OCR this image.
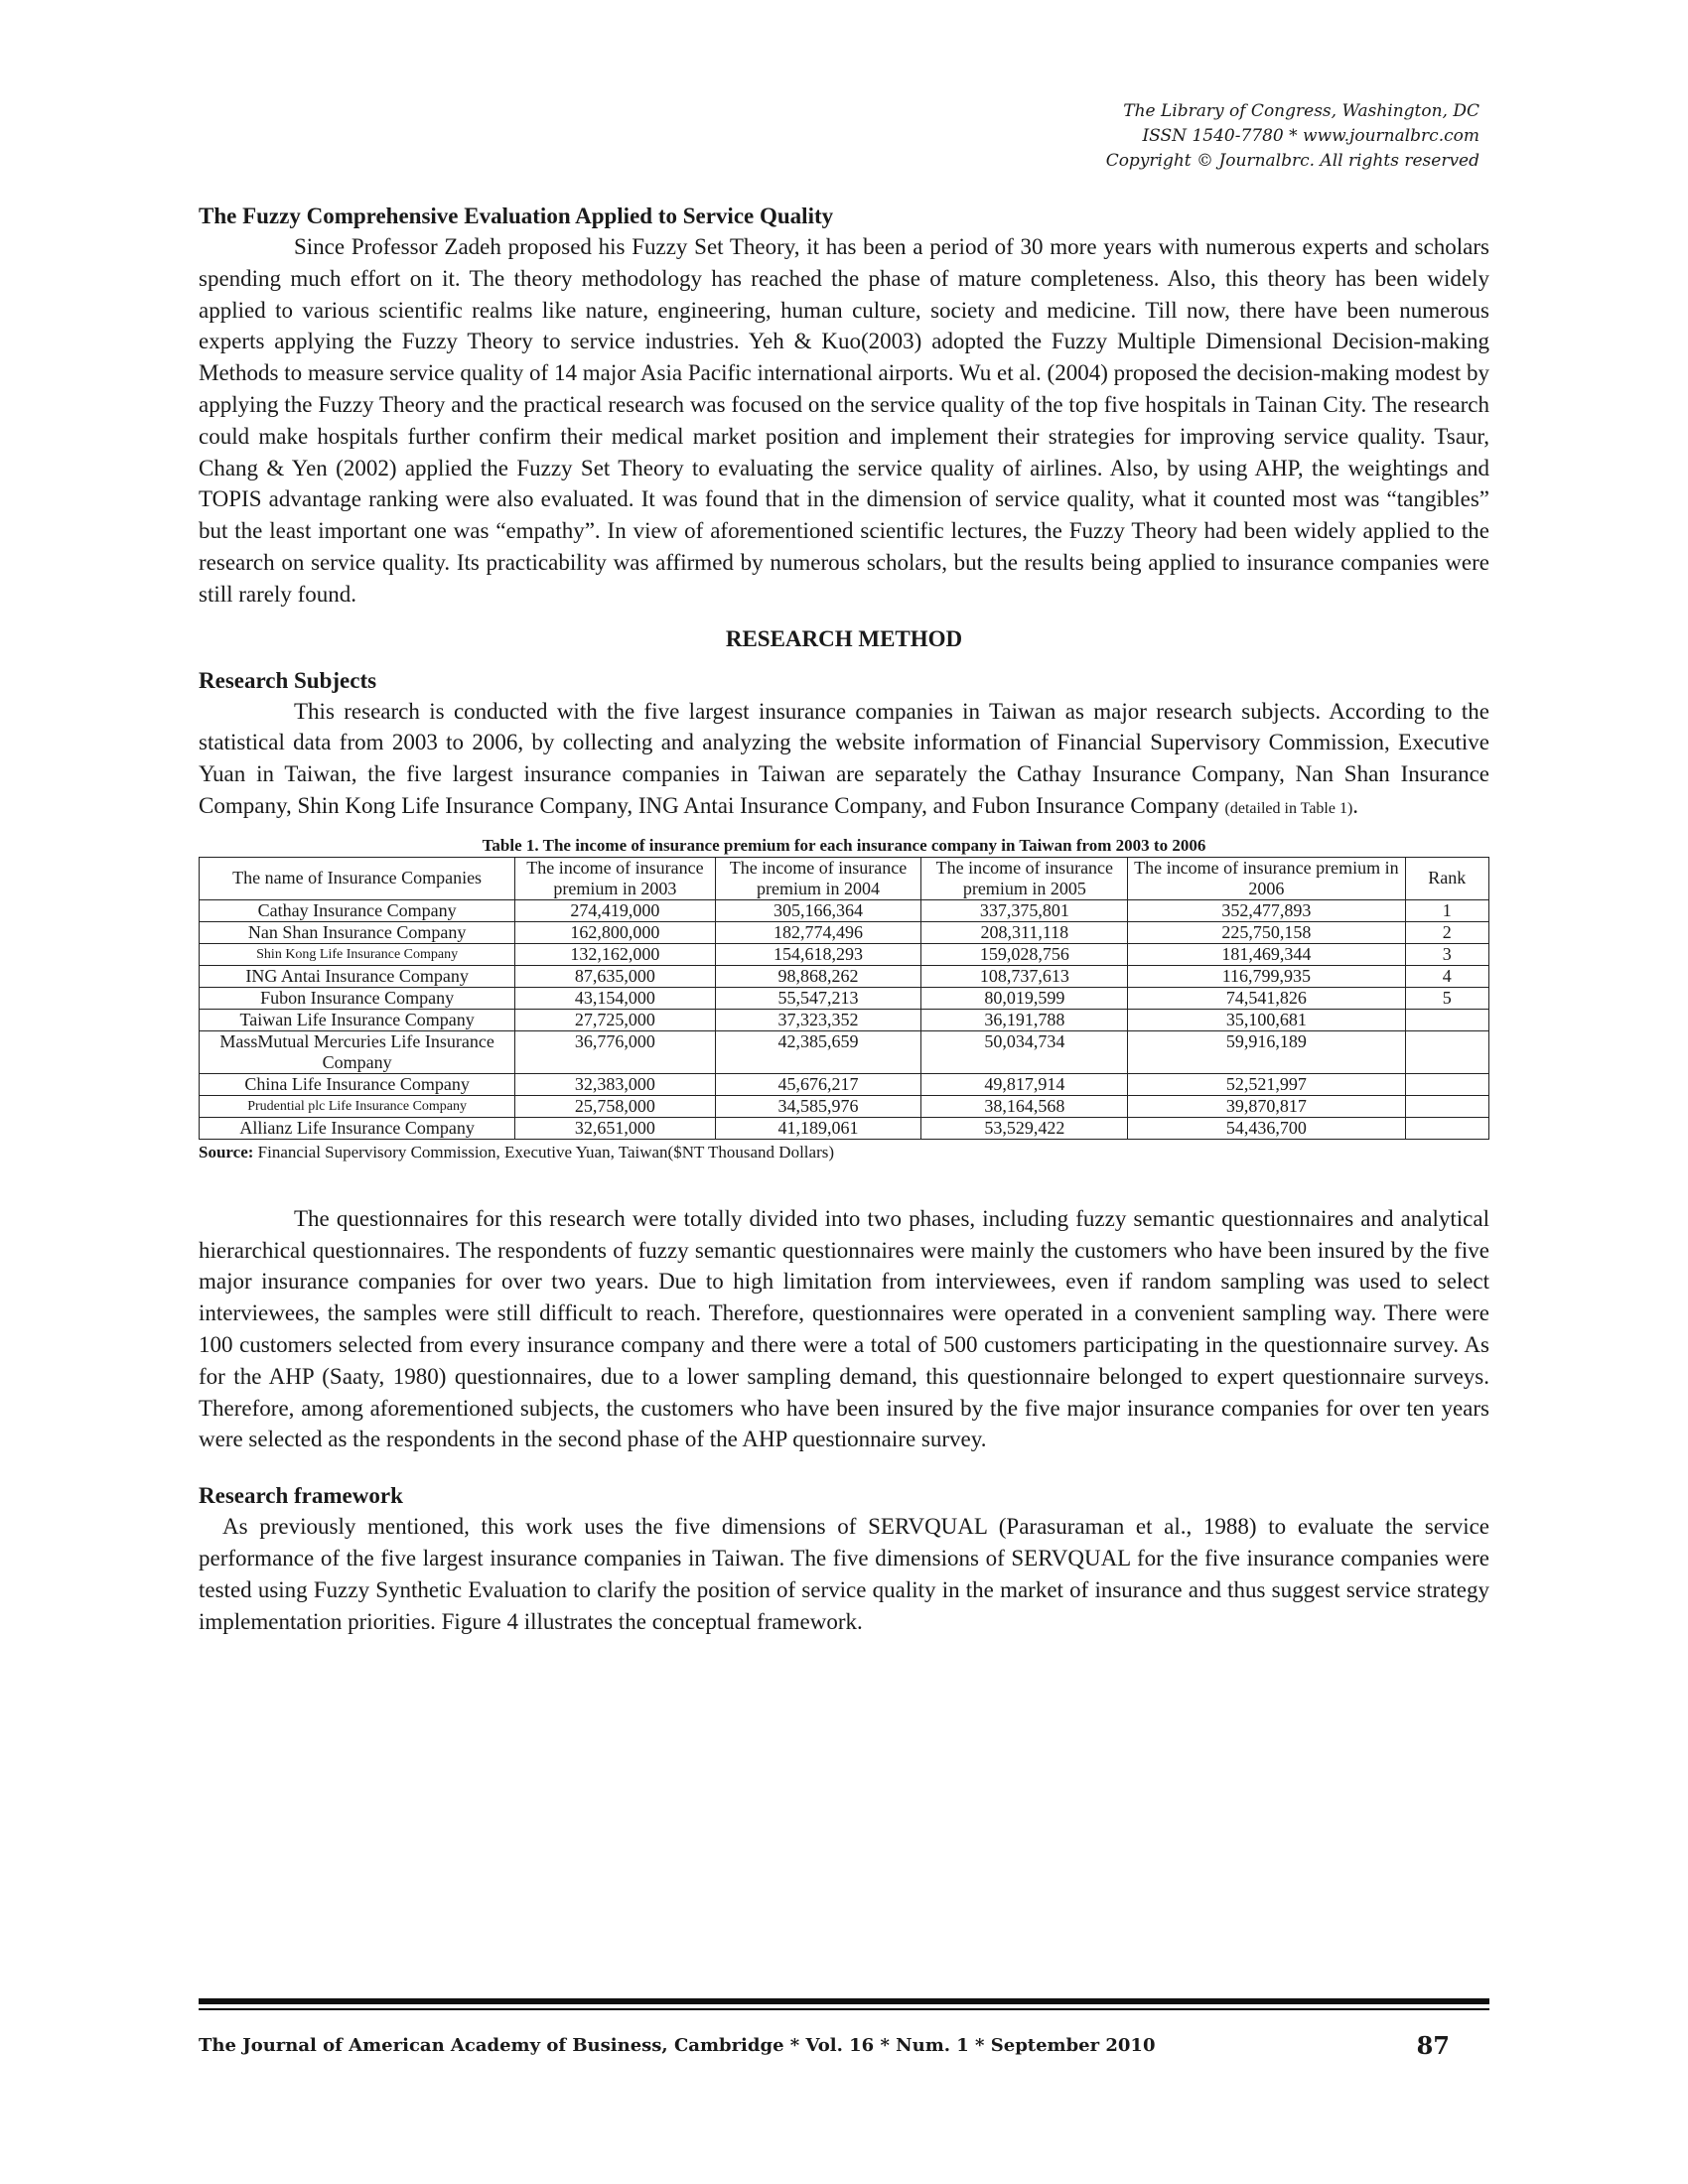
The Library of Congress, Washington, DC
ISSN 1540-7780 * www.journalbrc.com
Copyright © Journalbrc. All rights reserved
The Fuzzy Comprehensive Evaluation Applied to Service Quality

Since Professor Zadeh proposed his Fuzzy Set Theory, it has been a period of 30 more years with numerous experts and scholars spending much effort on it. The theory methodology has reached the phase of mature completeness. Also, this theory has been widely applied to various scientific realms like nature, engineering, human culture, society and medicine. Till now, there have been numerous experts applying the Fuzzy Theory to service industries. Yeh & Kuo(2003) adopted the Fuzzy Multiple Dimensional Decision-making Methods to measure service quality of 14 major Asia Pacific international airports. Wu et al. (2004) proposed the decision-making modest by applying the Fuzzy Theory and the practical research was focused on the service quality of the top five hospitals in Tainan City. The research could make hospitals further confirm their medical market position and implement their strategies for improving service quality. Tsaur, Chang & Yen (2002) applied the Fuzzy Set Theory to evaluating the service quality of airlines. Also, by using AHP, the weightings and TOPIS advantage ranking were also evaluated. It was found that in the dimension of service quality, what it counted most was “tangibles” but the least important one was “empathy”. In view of aforementioned scientific lectures, the Fuzzy Theory had been widely applied to the research on service quality. Its practicability was affirmed by numerous scholars, but the results being applied to insurance companies were still rarely found.

RESEARCH METHOD
Research Subjects

This research is conducted with the five largest insurance companies in Taiwan as major research subjects. According to the statistical data from 2003 to 2006, by collecting and analyzing the website information of Financial Supervisory Commission, Executive Yuan in Taiwan, the five largest insurance companies in Taiwan are separately the Cathay Insurance Company, Nan Shan Insurance Company, Shin Kong Life Insurance Company, ING Antai Insurance Company, and Fubon Insurance Company (detailed in Table 1).

Table 1. The income of insurance premium for each insurance company in Taiwan from 2003 to 2006
The name of Insurance Companies	The income of insurance premium in 2003	The income of insurance premium in 2004	The income of insurance premium in 2005	The income of insurance premium in 2006	Rank
Cathay Insurance Company	274,419,000	305,166,364	337,375,801	352,477,893	1
Nan Shan Insurance Company	162,800,000	182,774,496	208,311,118	225,750,158	2
Shin Kong Life Insurance Company	132,162,000	154,618,293	159,028,756	181,469,344	3
ING Antai Insurance Company	87,635,000	98,868,262	108,737,613	116,799,935	4
Fubon Insurance Company	43,154,000	55,547,213	80,019,599	74,541,826	5
Taiwan Life Insurance Company	27,725,000	37,323,352	36,191,788	35,100,681	
MassMutual Mercuries Life Insurance Company	36,776,000	42,385,659	50,034,734	59,916,189	
China Life Insurance Company	32,383,000	45,676,217	49,817,914	52,521,997	
Prudential plc Life Insurance Company	25,758,000	34,585,976	38,164,568	39,870,817	
Allianz Life Insurance Company	32,651,000	41,189,061	53,529,422	54,436,700	
Source: Financial Supervisory Commission, Executive Yuan, Taiwan($NT Thousand Dollars)

The questionnaires for this research were totally divided into two phases, including fuzzy semantic questionnaires and analytical hierarchical questionnaires. The respondents of fuzzy semantic questionnaires were mainly the customers who have been insured by the five major insurance companies for over two years. Due to high limitation from interviewees, even if random sampling was used to select interviewees, the samples were still difficult to reach. Therefore, questionnaires were operated in a convenient sampling way. There were 100 customers selected from every insurance company and there were a total of 500 customers participating in the questionnaire survey. As for the AHP (Saaty, 1980) questionnaires, due to a lower sampling demand, this questionnaire belonged to expert questionnaire surveys. Therefore, among aforementioned subjects, the customers who have been insured by the five major insurance companies for over ten years were selected as the respondents in the second phase of the AHP questionnaire survey.

Research framework

As previously mentioned, this work uses the five dimensions of SERVQUAL (Parasuraman et al., 1988) to evaluate the service performance of the five largest insurance companies in Taiwan. The five dimensions of SERVQUAL for the five insurance companies were tested using Fuzzy Synthetic Evaluation to clarify the position of service quality in the market of insurance and thus suggest service strategy implementation priorities. Figure 4 illustrates the conceptual framework.

The Journal of American Academy of Business, Cambridge * Vol. 16 * Num. 1 * September 2010	87
